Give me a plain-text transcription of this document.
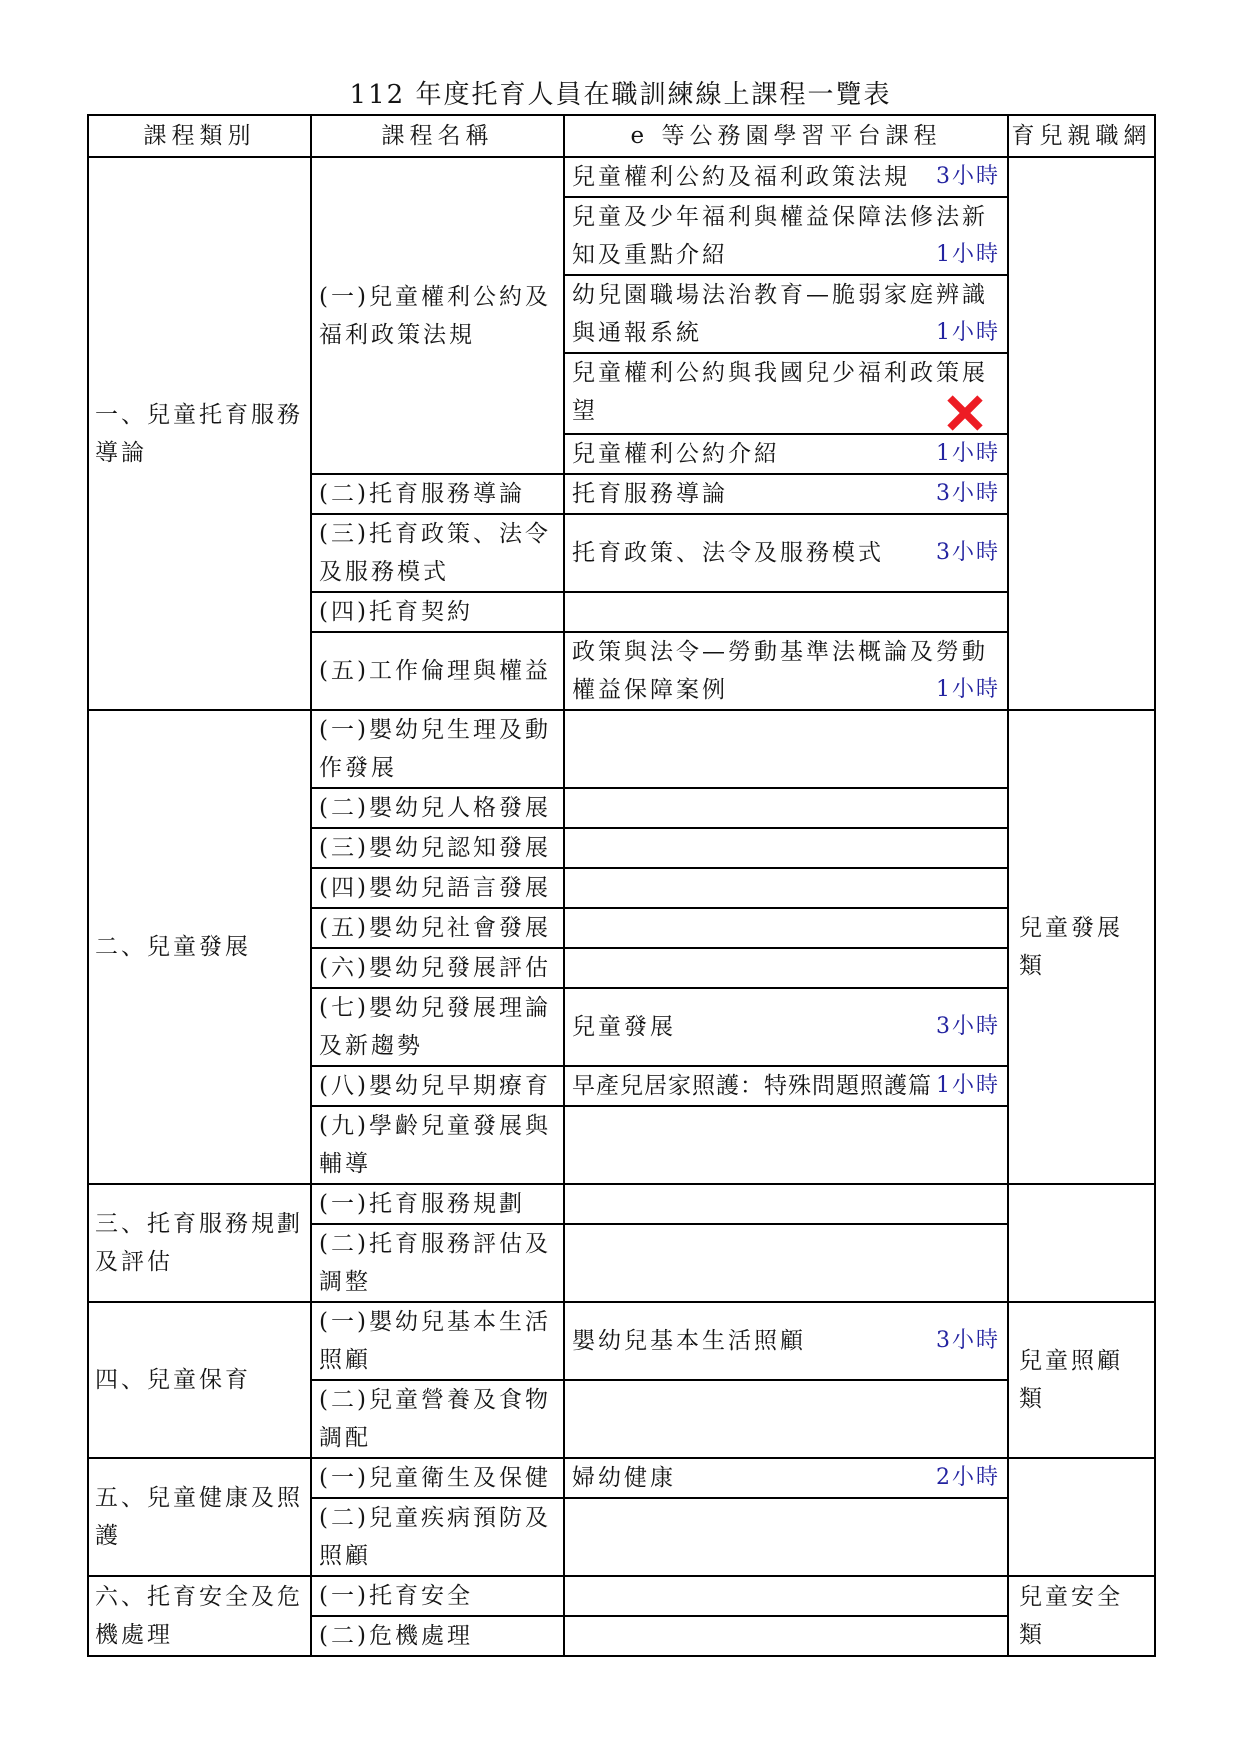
112 年度托育人員在職訓練線上課程一覽表
課程類別	課程名稱	e 等公務園學習平台課程	育兒親職網
一、兒童托育服務導論	(一)兒童權利公約及福利政策法規	兒童權利公約及福利政策法規 3小時	

		兒童及少年福利與權益保障法修法新知及重點介紹 1小時	

		幼兒園職場法治教育—脆弱家庭辨識與通報系統 1小時	

		兒童權利公約與我國兒少福利政策展望	

		兒童權利公約介紹 1小時	

	(二)托育服務導論	托育服務導論 3小時	

	(三)托育政策、法令及服務模式	托育政策、法令及服務模式 3小時	

	(四)托育契約		

	(五)工作倫理與權益	政策與法令—勞動基準法概論及勞動權益保障案例 1小時	

二、兒童發展	(一)嬰幼兒生理及動作發展		兒童發展類
	(二)嬰幼兒人格發展		

	(三)嬰幼兒認知發展		

	(四)嬰幼兒語言發展		

	(五)嬰幼兒社會發展		

	(六)嬰幼兒發展評估		

	(七)嬰幼兒發展理論及新趨勢	兒童發展 3小時	

	(八)嬰幼兒早期療育	早產兒居家照護：特殊問題照護篇 1小時	

	(九)學齡兒童發展與輔導		

三、托育服務規劃及評估	(一)托育服務規劃	

	(二)托育服務評估及調整		

四、兒童保育	(一)嬰幼兒基本生活照顧	嬰幼兒基本生活照顧 3小時	兒童照顧類
	(二)兒童營養及食物調配		

五、兒童健康及照護	(一)兒童衛生及保健	婦幼健康 2小時	

	(二)兒童疾病預防及照顧		

六、托育安全及危機處理	(一)托育安全		兒童安全類
	(二)危機處理		
